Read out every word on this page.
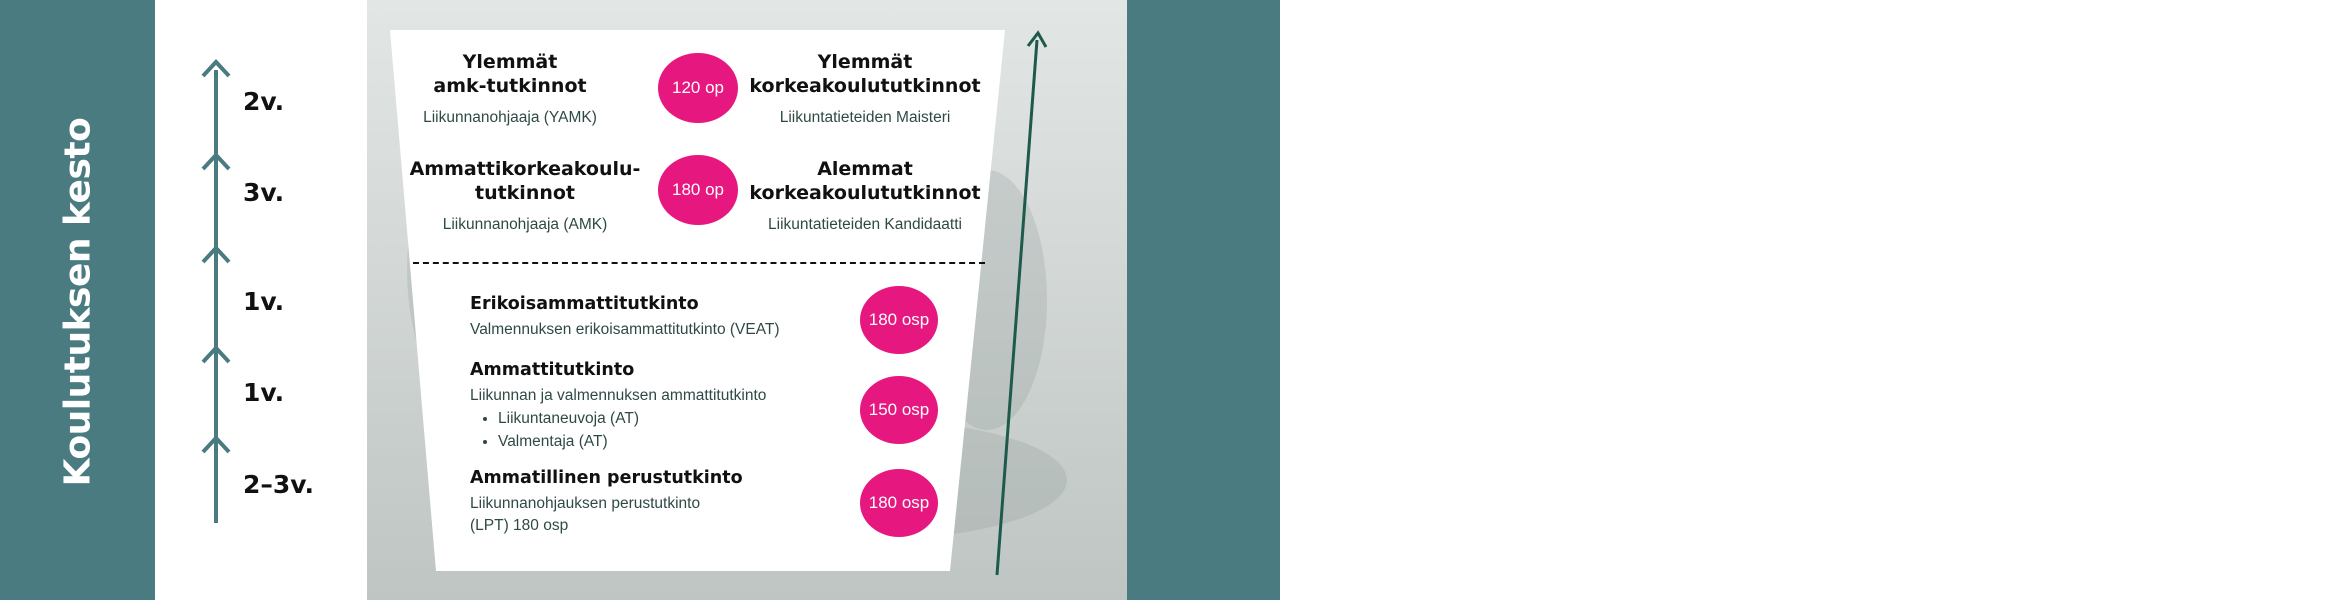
Koulutuksen kesto	Koulutuksen laajuus
2v.
3v.
1v.
1v.
2–3v.
Ylemmät
amk-tutkinnot
Liikunnanohjaaja (YAMK)
120 op
Ylemmät
korkeakoulututkinnot
Liikuntatieteiden Maisteri
Ammattikorkeakoulu-
tutkinnot
Liikunnanohjaaja (AMK)
180 op
Alemmat
korkeakoulututkinnot
Liikuntatieteiden Kandidaatti
Erikoisammattitutkinto
Valmennuksen erikoisammattitutkinto (VEAT)
180 osp
Ammattitutkinto
Liikunnan ja valmennuksen ammattitutkinto
• Liikuntaneuvoja (AT)
• Valmentaja (AT)
150 osp
Ammatillinen perustutkinto
Liikunnanohjauksen perustutkinto
(LPT) 180 osp
180 osp
